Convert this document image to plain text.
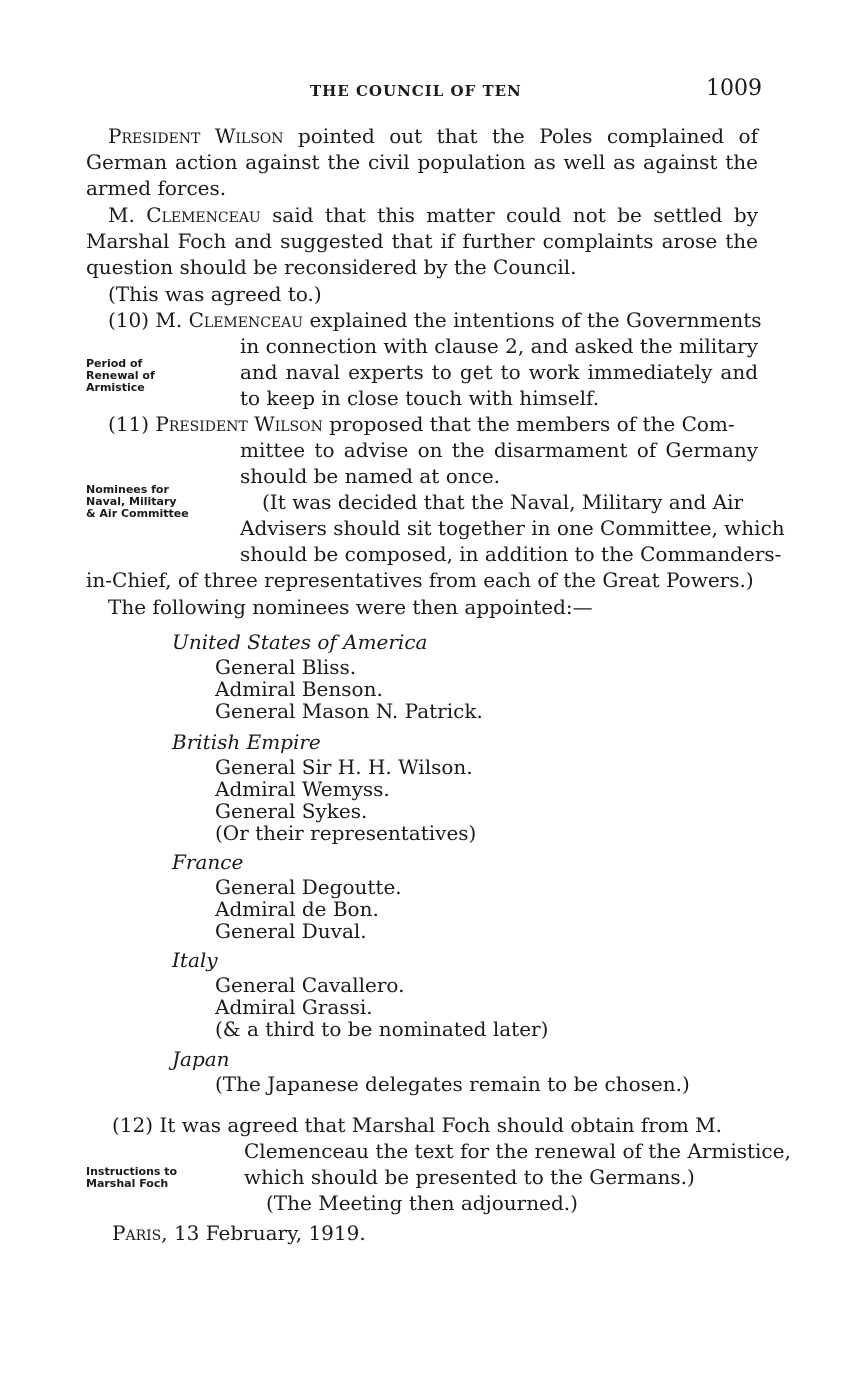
THE COUNCIL OF TEN	1009

President Wilson pointed out that the Poles complained of German action against the civil population as well as against the armed forces.

M. Clemenceau said that this matter could not be settled by Marshal Foch and suggested that if further complaints arose the question should be reconsidered by the Council.

(This was agreed to.)
(10) M. Clemenceau explained the intentions of the Governments

in connection with clause 2, and asked the military and naval experts to get to work immediately and to keep in close touch with himself.

Period of
Renewal of
Armistice
(11) President Wilson proposed that the members of the Com-

mittee to advise on the disarmament of Germany should be named at once.

Nominees for
Naval, Military
& Air Committee	(It was decided that the Naval, Military and Air
Advisers should sit together in one Committee, which
should be composed, in addition to the Commanders-
in-Chief, of three representatives from each of the Great Powers.)
The following nominees were then appointed:—
United States of America
General Bliss.
Admiral Benson.
General Mason N. Patrick.
British Empire
General Sir H. H. Wilson.
Admiral Wemyss.
General Sykes.
(Or their representatives)
France
General Degoutte.
Admiral de Bon.
General Duval.
Italy
General Cavallero.
Admiral Grassi.
(& a third to be nominated later)
Japan
(The Japanese delegates remain to be chosen.)
(12) It was agreed that Marshal Foch should obtain from M.
Clemenceau the text for the renewal of the Armistice,
Instructions to
Marshal Foch	which should be presented to the Germans.)
(The Meeting then adjourned.)
Paris, 13 February, 1919.
